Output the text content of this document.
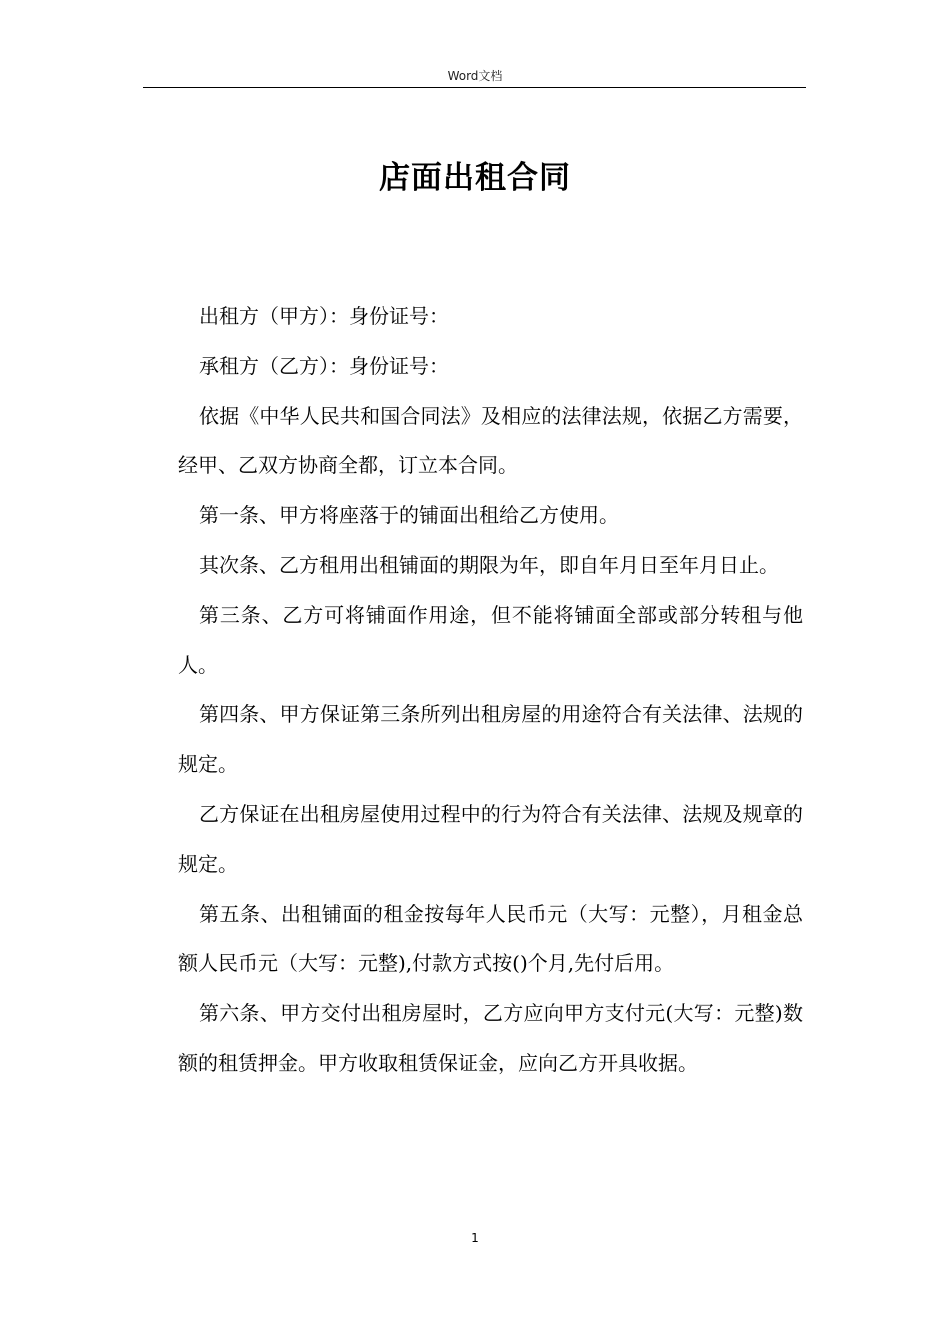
Word文档
店面出租合同

出租方（甲方）：身份证号：

承租方（乙方）：身份证号：

依据《中华人民共和国合同法》及相应的法律法规，依据乙方需要，经甲、乙双方协商全都，订立本合同。

第一条、甲方将座落于的铺面出租给乙方使用。

其次条、乙方租用出租铺面的期限为年，即自年月日至年月日止。

第三条、乙方可将铺面作用途，但不能将铺面全部或部分转租与他人。

第四条、甲方保证第三条所列出租房屋的用途符合有关法律、法规的规定。

乙方保证在出租房屋使用过程中的行为符合有关法律、法规及规章的规定。

第五条、出租铺面的租金按每年人民币元（大写：元整），月租金总额人民币元（大写：元整),付款方式按()个月,先付后用。

第六条、甲方交付出租房屋时，乙方应向甲方支付元(大写：元整)数额的租赁押金。甲方收取租赁保证金，应向乙方开具收据。

1
